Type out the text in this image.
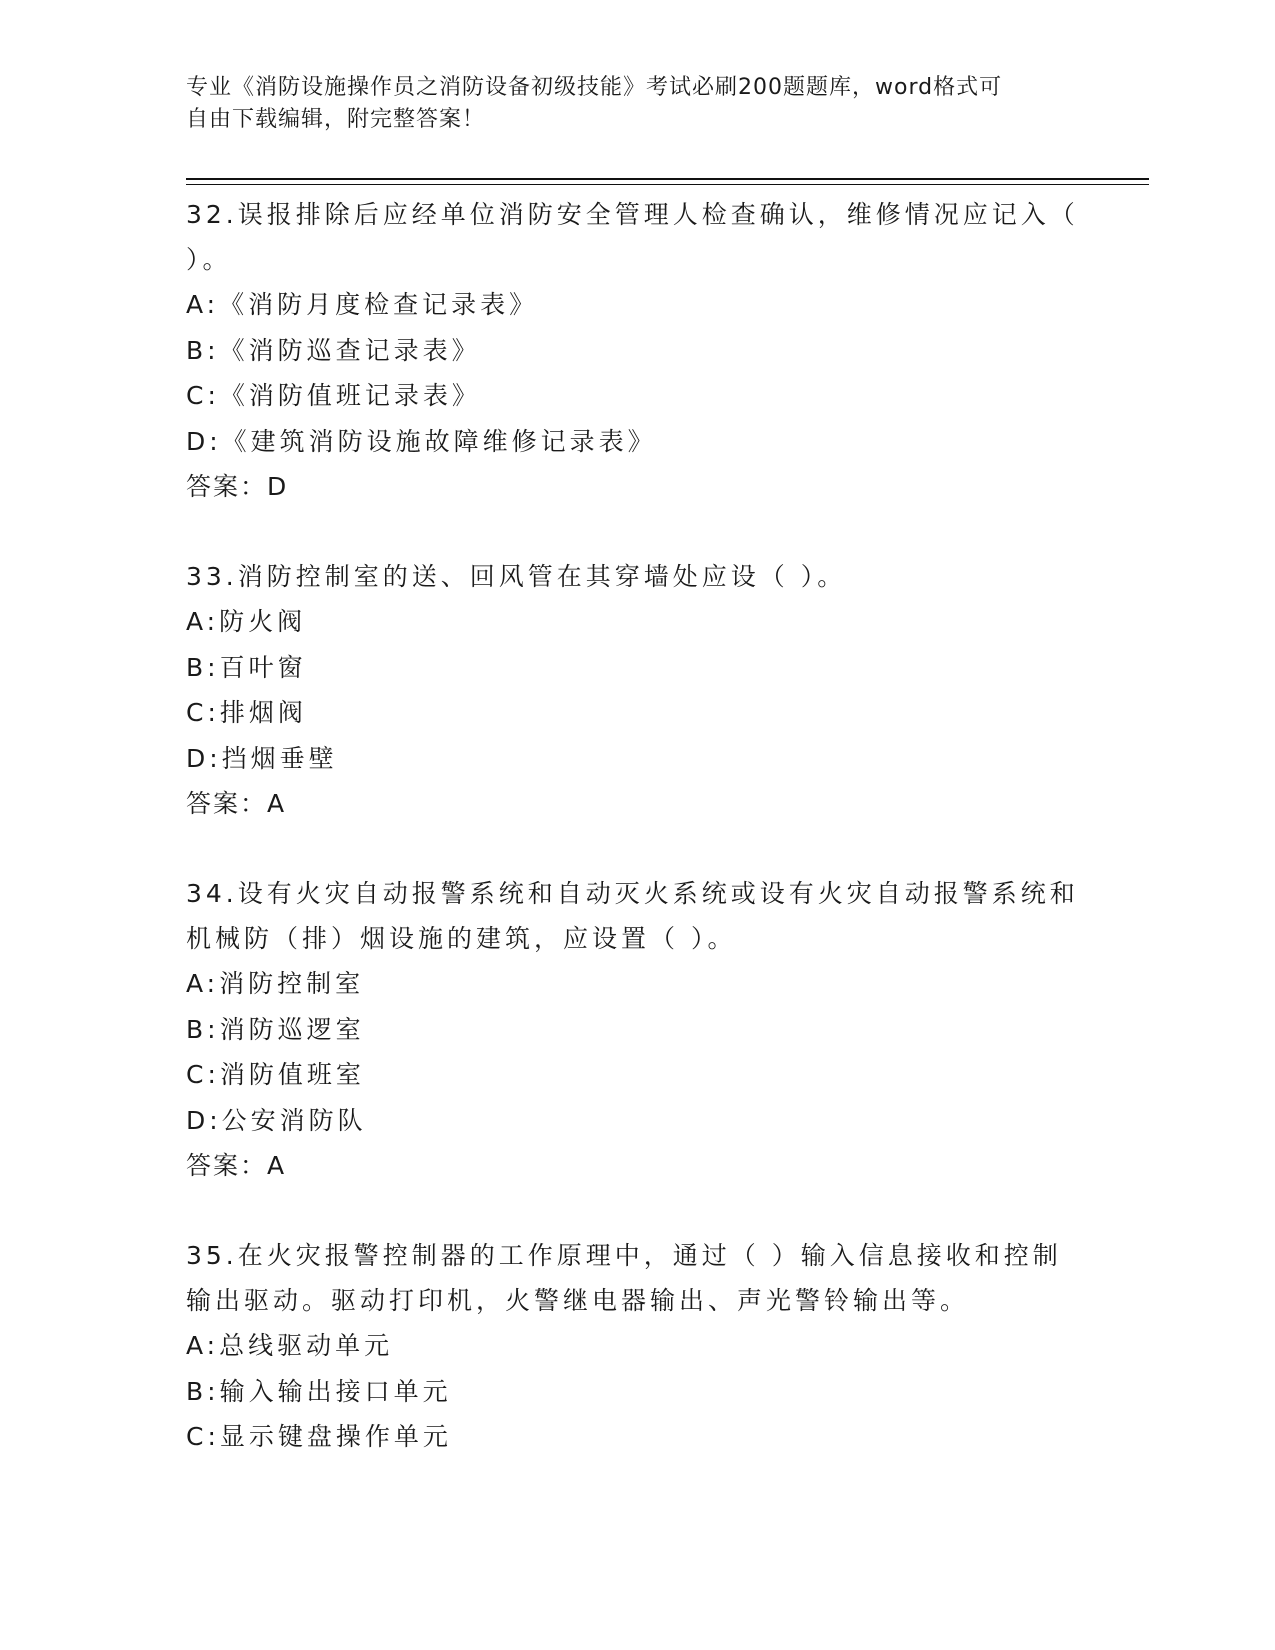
专业《消防设施操作员之消防设备初级技能》考试必刷200题题库，word格式可
自由下载编辑，附完整答案！
32.误报排除后应经单位消防安全管理人检查确认，维修情况应记入（
）。
A:《消防月度检查记录表》
B:《消防巡查记录表》
C:《消防值班记录表》
D:《建筑消防设施故障维修记录表》
答案：D
33.消防控制室的送、回风管在其穿墙处应设（ ）。
A:防火阀
B:百叶窗
C:排烟阀
D:挡烟垂壁
答案：A
34.设有火灾自动报警系统和自动灭火系统或设有火灾自动报警系统和
机械防（排）烟设施的建筑，应设置（ ）。
A:消防控制室
B:消防巡逻室
C:消防值班室
D:公安消防队
答案：A
35.在火灾报警控制器的工作原理中，通过（ ）输入信息接收和控制
输出驱动。驱动打印机，火警继电器输出、声光警铃输出等。
A:总线驱动单元
B:输入输出接口单元
C:显示键盘操作单元
